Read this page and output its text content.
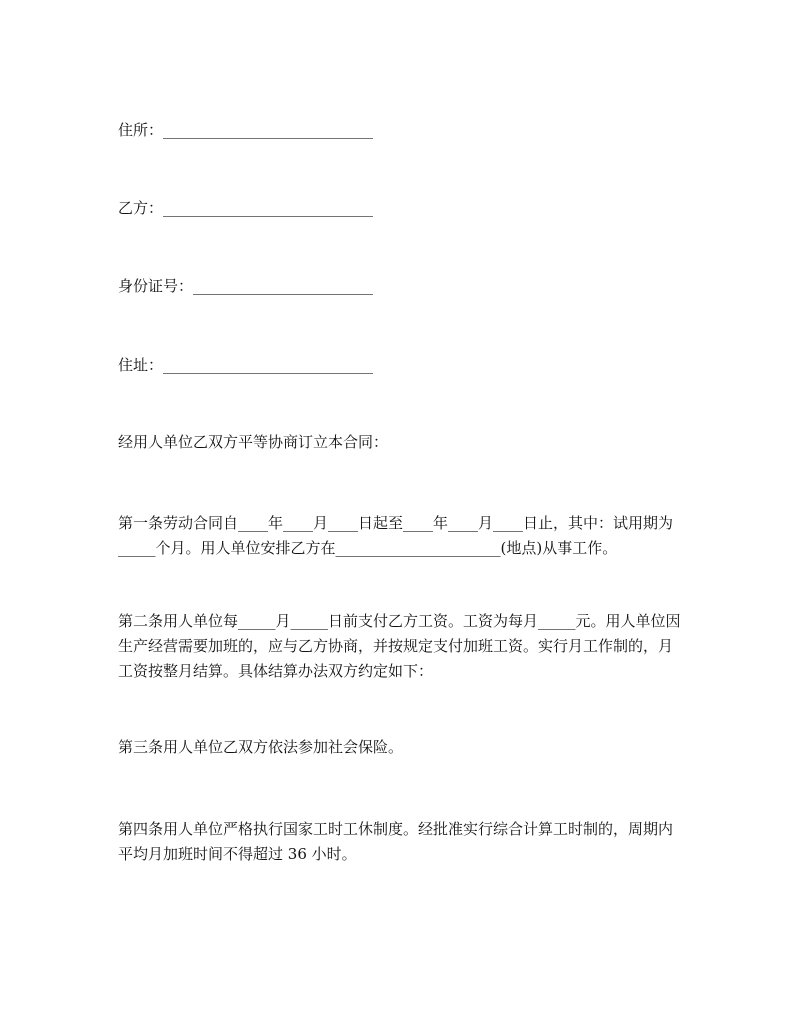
住所：____________________________
乙方：____________________________
身份证号：________________________
住址：____________________________
经用人单位乙双方平等协商订立本合同：
第一条劳动合同自____年____月____日起至____年____月____日止，其中：试用期为_____个月。用人单位安排乙方在______________________(地点)从事工作。
第二条用人单位每_____月_____日前支付乙方工资。工资为每月_____元。用人单位因生产经营需要加班的，应与乙方协商，并按规定支付加班工资。实行月工作制的，月工资按整月结算。具体结算办法双方约定如下：
第三条用人单位乙双方依法参加社会保险。
第四条用人单位严格执行国家工时工休制度。经批准实行综合计算工时制的，周期内平均月加班时间不得超过 36 小时。
